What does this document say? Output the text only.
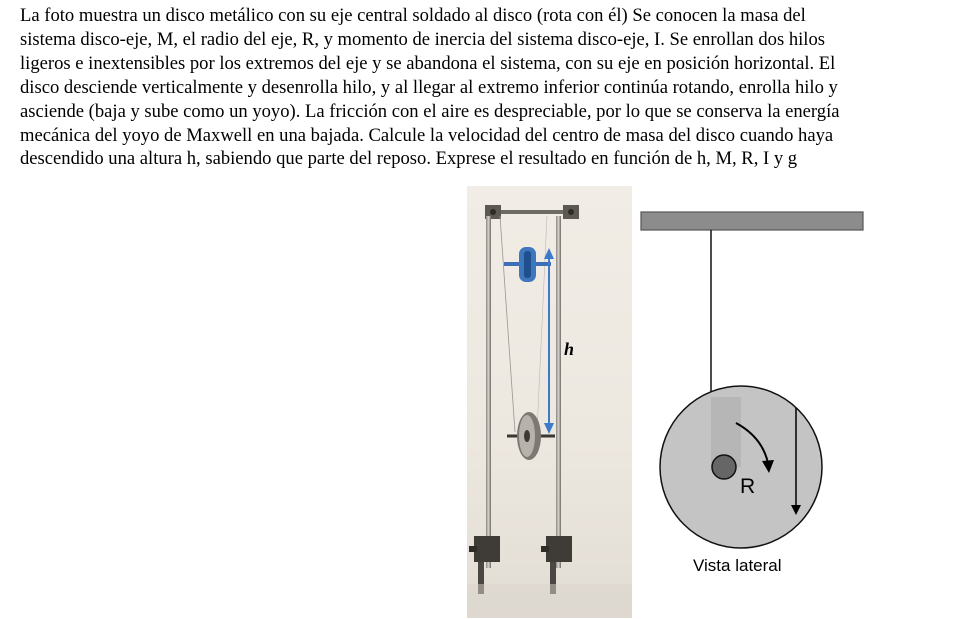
La foto muestra un disco metálico con su eje central soldado al disco (rota con él) Se conocen la masa del

sistema disco-eje, M, el radio del eje, R, y momento de inercia del sistema disco-eje, I. Se enrollan dos hilos

ligeros e inextensibles por los extremos del eje y se abandona el sistema, con su eje en posición horizontal. El

disco desciende verticalmente y desenrolla hilo, y al llegar al extremo inferior continúa rotando, enrolla hilo y

asciende (baja y sube como un yoyo). La fricción con el aire es despreciable, por lo que se conserva la energía

mecánica del yoyo de Maxwell en una bajada. Calcule la velocidad del centro de masa del disco cuando haya

descendido una altura h, sabiendo que parte del reposo. Exprese el resultado en función de h, M, R, I y g

h
R
Vista lateral
